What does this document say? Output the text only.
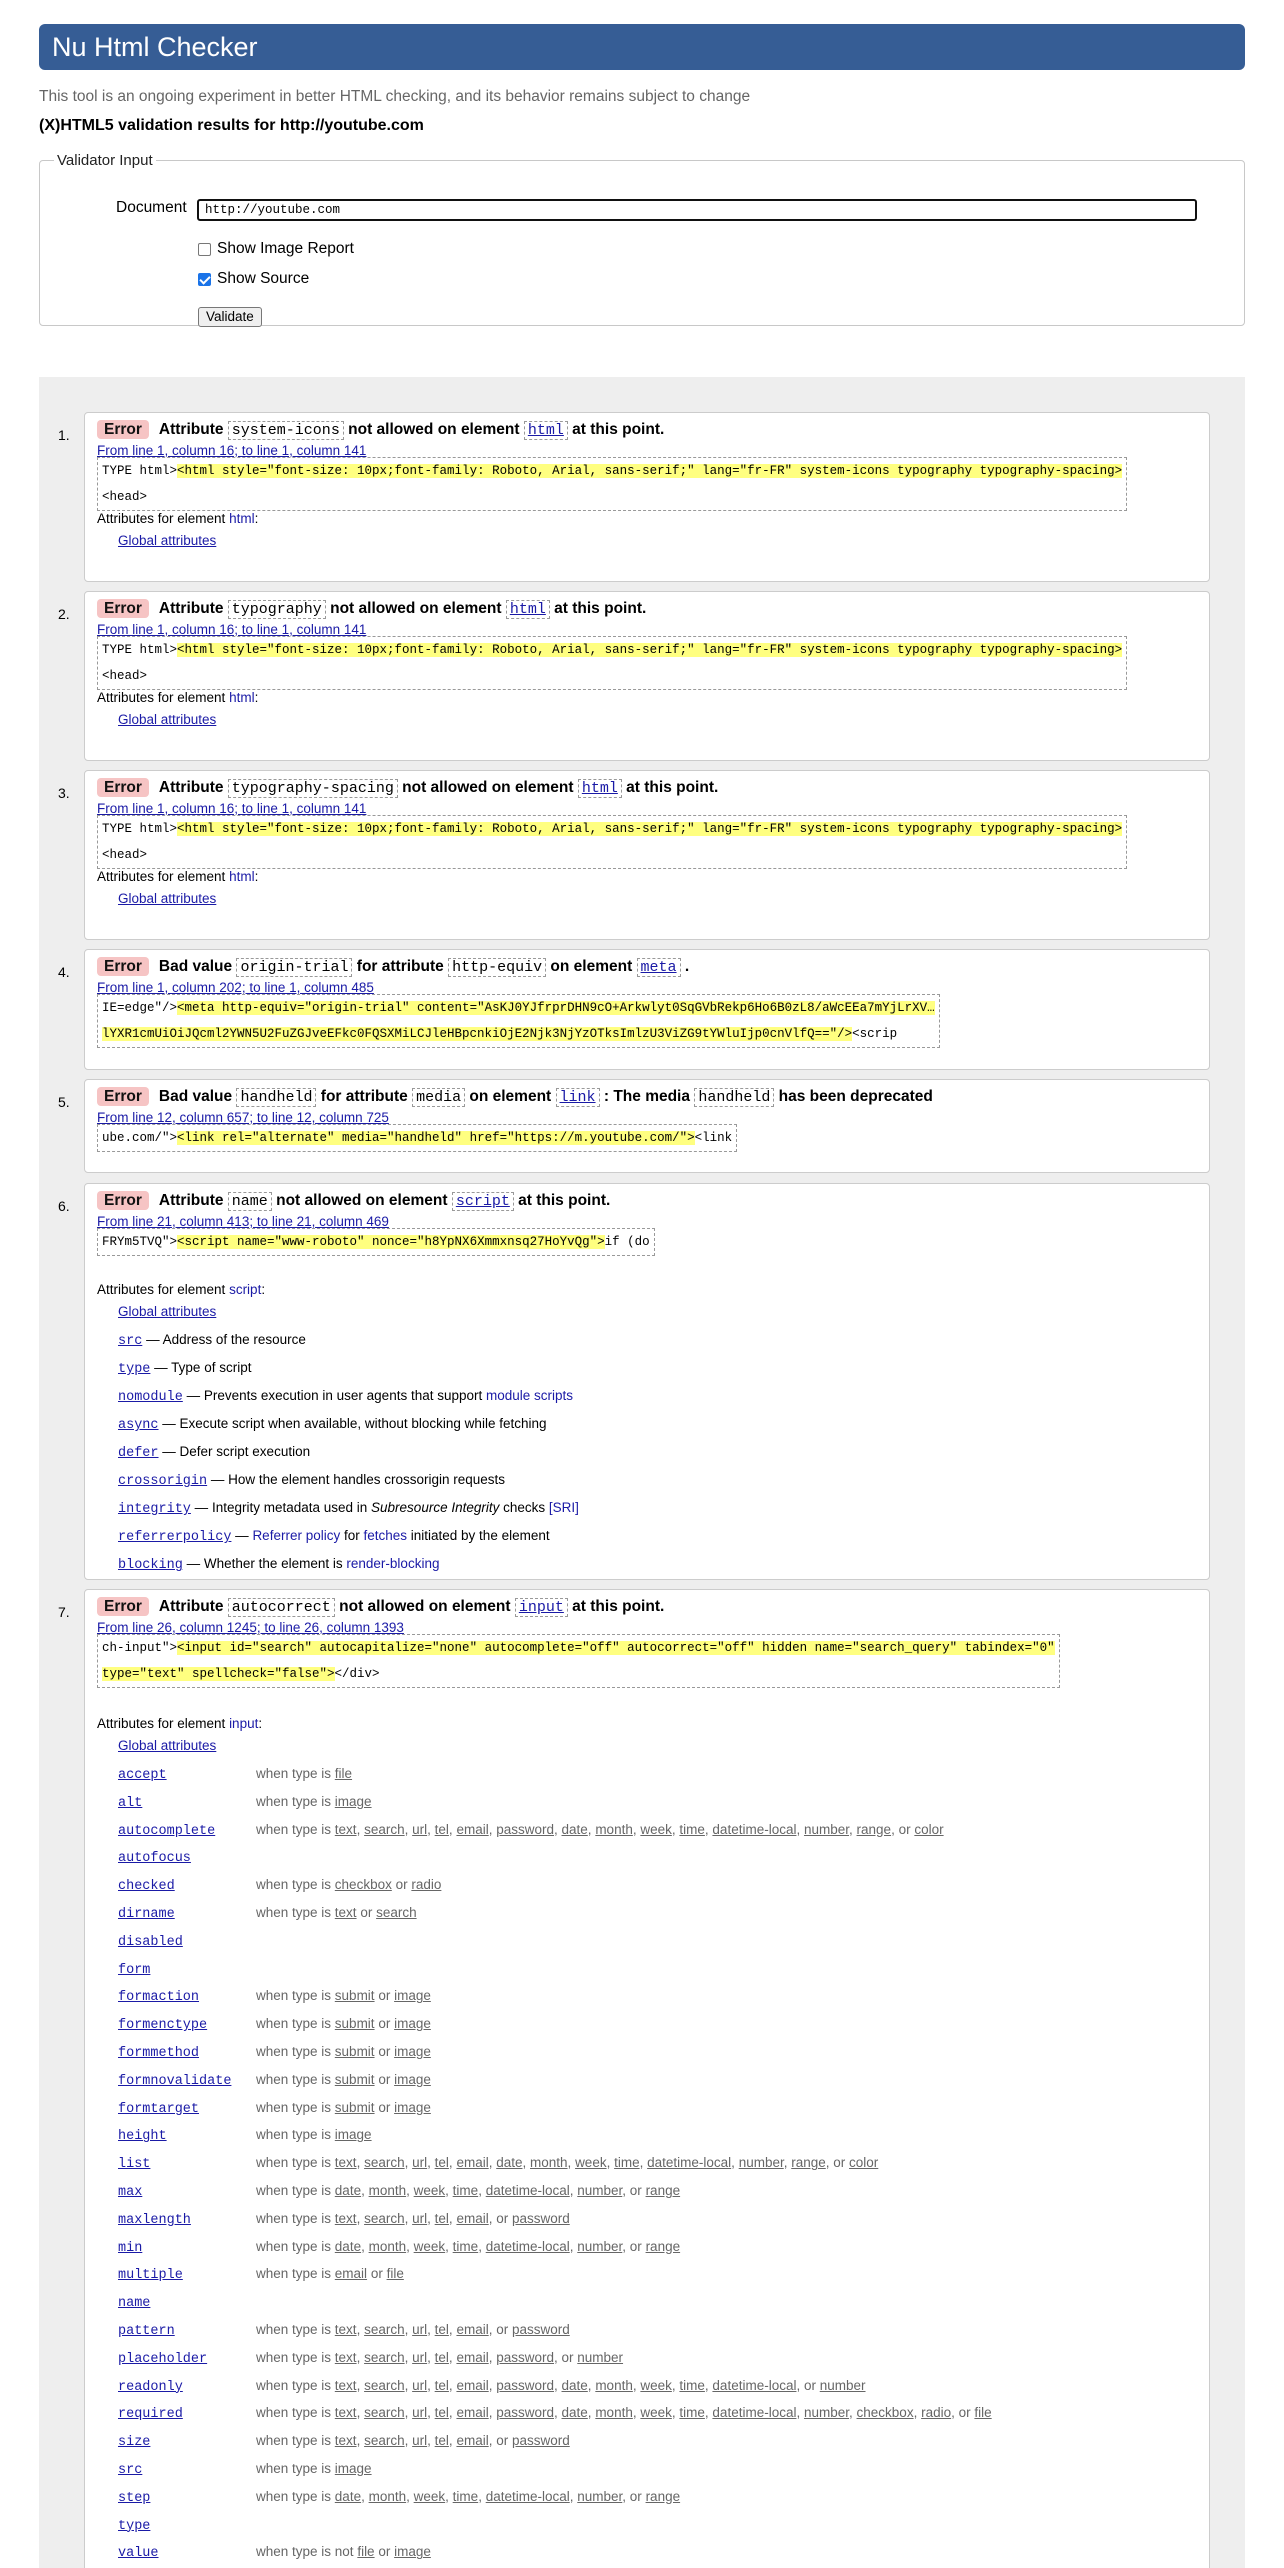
Nu Html Checker
This tool is an ongoing experiment in better HTML checking, and its behavior remains subject to change
(X)HTML5 validation results for http://youtube.com
Validator Input
Document	http://youtube.com
Show Image Report
Show Source
Validate
1.	Error Attribute system-icons not allowed on element html at this point.
From line 1, column 16; to line 1, column 141
TYPE html><html style="font-size: 10px;font-family: Roboto, Arial, sans-serif;" lang="fr-FR" system-icons typography typography-spacing>
<head>
Attributes for element html:
Global attributes
2.	Error Attribute typography not allowed on element html at this point.
From line 1, column 16; to line 1, column 141
TYPE html><html style="font-size: 10px;font-family: Roboto, Arial, sans-serif;" lang="fr-FR" system-icons typography typography-spacing>
<head>
Attributes for element html:
Global attributes
3.	Error Attribute typography-spacing not allowed on element html at this point.
From line 1, column 16; to line 1, column 141
TYPE html><html style="font-size: 10px;font-family: Roboto, Arial, sans-serif;" lang="fr-FR" system-icons typography typography-spacing>
<head>
Attributes for element html:
Global attributes
4.	Error Bad value origin-trial for attribute http-equiv on element meta .
From line 1, column 202; to line 1, column 485
IE=edge"/><meta http-equiv="origin-trial" content="AsKJ0YJfrprDHN9cO+Arkwlyt0SqGVbRekp6Ho6B0zL8/aWcEEa7mYjLrXV…
lYXR1cmUiOiJQcml2YWN5U2FuZGJveEFkc0FQSXMiLCJleHBpcnkiOjE2Njk3NjYzOTksImlzU3ViZG9tYWluIjp0cnVlfQ=="/><scrip
5.	Error Bad value handheld for attribute media on element link : The media handheld has been deprecated
From line 12, column 657; to line 12, column 725
ube.com/"><link rel="alternate" media="handheld" href="https://m.youtube.com/"><link
6.	Error Attribute name not allowed on element script at this point.
From line 21, column 413; to line 21, column 469
FRYm5TVQ"><script name="www-roboto" nonce="h8YpNX6Xmmxnsq27HoYvQg">if (do
Attributes for element script:
Global attributes
src — Address of the resource
type — Type of script
nomodule — Prevents execution in user agents that support module scripts
async — Execute script when available, without blocking while fetching
defer — Defer script execution
crossorigin — How the element handles crossorigin requests
integrity — Integrity metadata used in Subresource Integrity checks [SRI]
referrerpolicy — Referrer policy for fetches initiated by the element
blocking — Whether the element is render-blocking
7.	Error Attribute autocorrect not allowed on element input at this point.
From line 26, column 1245; to line 26, column 1393
ch-input"><input id="search" autocapitalize="none" autocomplete="off" autocorrect="off" hidden name="search_query" tabindex="0"
type="text" spellcheck="false"></div>
Attributes for element input:
Global attributes
accept	when type is file
alt	when type is image
autocomplete	when type is text, search, url, tel, email, password, date, month, week, time, datetime-local, number, range, or color
autofocus
checked	when type is checkbox or radio
dirname	when type is text or search
disabled
form
formaction	when type is submit or image
formenctype	when type is submit or image
formmethod	when type is submit or image
formnovalidate when type is submit or image
formtarget	when type is submit or image
height	when type is image
list	when type is text, search, url, tel, email, date, month, week, time, datetime-local, number, range, or color
max	when type is date, month, week, time, datetime-local, number, or range
maxlength	when type is text, search, url, tel, email, or password
min	when type is date, month, week, time, datetime-local, number, or range
multiple	when type is email or file
name
pattern	when type is text, search, url, tel, email, or password
placeholder	when type is text, search, url, tel, email, password, or number
readonly	when type is text, search, url, tel, email, password, date, month, week, time, datetime-local, or number
required	when type is text, search, url, tel, email, password, date, month, week, time, datetime-local, number, checkbox, radio, or file
size	when type is text, search, url, tel, email, or password
src	when type is image
step	when type is date, month, week, time, datetime-local, number, or range
type
value	when type is not file or image
